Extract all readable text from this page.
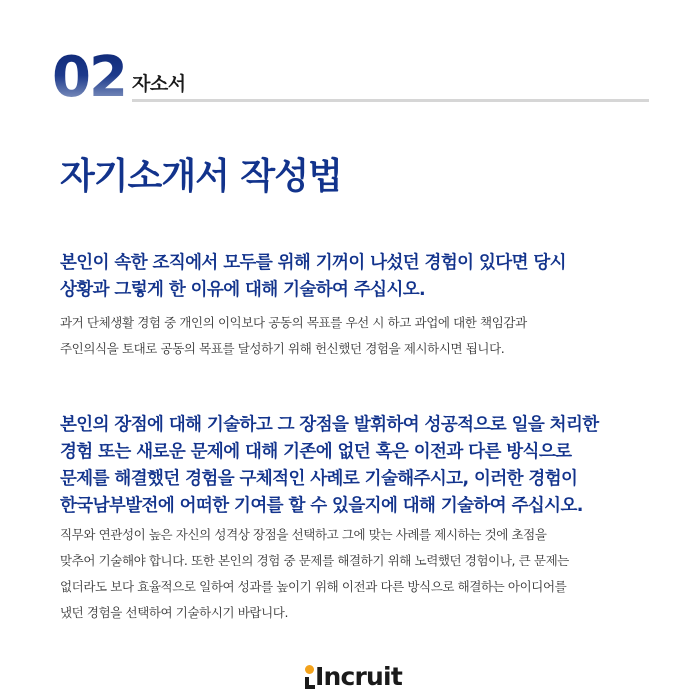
02 자소서
자기소개서 작성법
본인이 속한 조직에서 모두를 위해 기꺼이 나섰던 경험이 있다면 당시
상황과 그렇게 한 이유에 대해 기술하여 주십시오.
과거 단체생활 경험 중 개인의 이익보다 공동의 목표를 우선 시 하고 과업에 대한 책임감과
주인의식을 토대로 공동의 목표를 달성하기 위해 헌신했던 경험을 제시하시면 됩니다.
본인의 장점에 대해 기술하고 그 장점을 발휘하여 성공적으로 일을 처리한
경험 또는 새로운 문제에 대해 기존에 없던 혹은 이전과 다른 방식으로
문제를 해결했던 경험을 구체적인 사례로 기술해주시고, 이러한 경험이
한국남부발전에 어떠한 기여를 할 수 있을지에 대해 기술하여 주십시오.
직무와 연관성이 높은 자신의 성격상 장점을 선택하고 그에 맞는 사례를 제시하는 것에 초점을
맞추어 기술해야 합니다. 또한 본인의 경험 중 문제를 해결하기 위해 노력했던 경험이나, 큰 문제는
없더라도 보다 효율적으로 일하여 성과를 높이기 위해 이전과 다른 방식으로 해결하는 아이디어를
냈던 경험을 선택하여 기술하시기 바랍니다.
Incruit
